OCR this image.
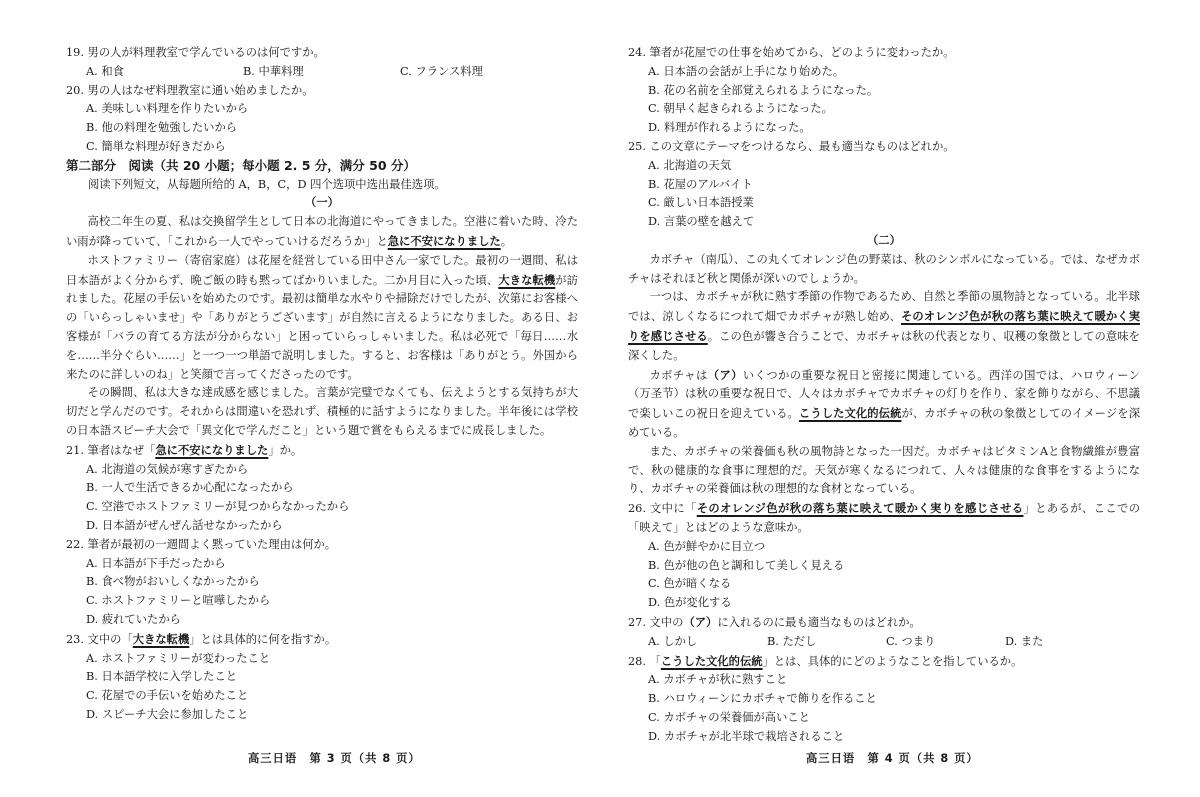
19. 男の人が料理教室で学んでいるのは何ですか。
A. 和食	B. 中華料理	C. フランス料理
20. 男の人はなぜ料理教室に通い始めましたか。
A. 美味しい料理を作りたいから
B. 他の料理を勉強したいから
C. 簡単な料理が好きだから
第二部分　阅读（共 20 小题；每小题 2. 5 分，满分 50 分）
阅读下列短文，从每题所给的 A，B，C，D 四个选项中选出最佳选项。
（一）
高校二年生の夏、私は交換留学生として日本の北海道にやってきました。空港に着いた時、冷たい雨が降っていて、「これから一人でやっていけるだろうか」と急に不安になりました。
ホストファミリー（寄宿家庭）は花屋を経営している田中さん一家でした。最初の一週間、私は日本語がよく分からず、晩ご飯の時も黙ってばかりいました。二か月目に入った頃、大きな転機が訪れました。花屋の手伝いを始めたのです。最初は簡単な水やりや掃除だけでしたが、次第にお客様への「いらっしゃいませ」や「ありがとうございます」が自然に言えるようになりました。ある日、お客様が「バラの育てる方法が分からない」と困っていらっしゃいました。私は必死で「毎日……水を……半分ぐらい……」と一つ一つ単語で説明しました。すると、お客様は「ありがとう。外国から来たのに詳しいのね」と笑顔で言ってくださったのです。
その瞬間、私は大きな達成感を感じました。言葉が完璧でなくても、伝えようとする気持ちが大切だと学んだのです。それからは間違いを恐れず、積極的に話すようになりました。半年後には学校の日本語スピーチ大会で「異文化で学んだこと」という題で賞をもらえるまでに成長しました。
21. 筆者はなぜ「急に不安になりました」か。
A. 北海道の気候が寒すぎたから
B. 一人で生活できるか心配になったから
C. 空港でホストファミリーが見つからなかったから
D. 日本語がぜんぜん話せなかったから
22. 筆者が最初の一週間よく黙っていた理由は何か。
A. 日本語が下手だったから
B. 食べ物がおいしくなかったから
C. ホストファミリーと喧嘩したから
D. 疲れていたから
23. 文中の「大きな転機」とは具体的に何を指すか。
A. ホストファミリーが変わったこと
B. 日本語学校に入学したこと
C. 花屋での手伝いを始めたこと
D. スピーチ大会に参加したこと
高三日语　第 3 页（共 8 页）
24. 筆者が花屋での仕事を始めてから、どのように変わったか。
A. 日本語の会話が上手になり始めた。
B. 花の名前を全部覚えられるようになった。
C. 朝早く起きられるようになった。
D. 料理が作れるようになった。
25. この文章にテーマをつけるなら、最も適当なものはどれか。
A. 北海道の天気
B. 花屋のアルバイト
C. 厳しい日本語授業
D. 言葉の壁を越えて
（二）
カボチャ（南瓜）、この丸くてオレンジ色の野菜は、秋のシンボルになっている。では、なぜカボチャはそれほど秋と関係が深いのでしょうか。
一つは、カボチャが秋に熟す季節の作物であるため、自然と季節の風物詩となっている。北半球では、涼しくなるにつれて畑でカボチャが熟し始め、そのオレンジ色が秋の落ち葉に映えて暖かく実りを感じさせる。この色が響き合うことで、カボチャは秋の代表となり、収穫の象徴としての意味を深くした。
カボチャは（ア）いくつかの重要な祝日と密接に関連している。西洋の国では、ハロウィーン（万圣节）は秋の重要な祝日で、人々はカボチャでカボチャの灯りを作り、家を飾りながら、不思議で楽しいこの祝日を迎えている。こうした文化的伝統が、カボチャの秋の象徴としてのイメージを深めている。
また、カボチャの栄養価も秋の風物詩となった一因だ。カボチャはビタミンAと食物繊維が豊富で、秋の健康的な食事に理想的だ。天気が寒くなるにつれて、人々は健康的な食事をするようになり、カボチャの栄養価は秋の理想的な食材となっている。
26. 文中に「そのオレンジ色が秋の落ち葉に映えて暖かく実りを感じさせる」とあるが、ここでの「映えて」とはどのような意味か。
A. 色が鮮やかに目立つ
B. 色が他の色と調和して美しく見える
C. 色が暗くなる
D. 色が変化する
27. 文中の（ア）に入れるのに最も適当なものはどれか。
A. しかし	B. ただし	C. つまり	D. また
28. 「こうした文化的伝統」とは、具体的にどのようなことを指しているか。
A. カボチャが秋に熟すこと
B. ハロウィーンにカボチャで飾りを作ること
C. カボチャの栄養価が高いこと
D. カボチャが北半球で栽培されること
高三日语　第 4 页（共 8 页）
